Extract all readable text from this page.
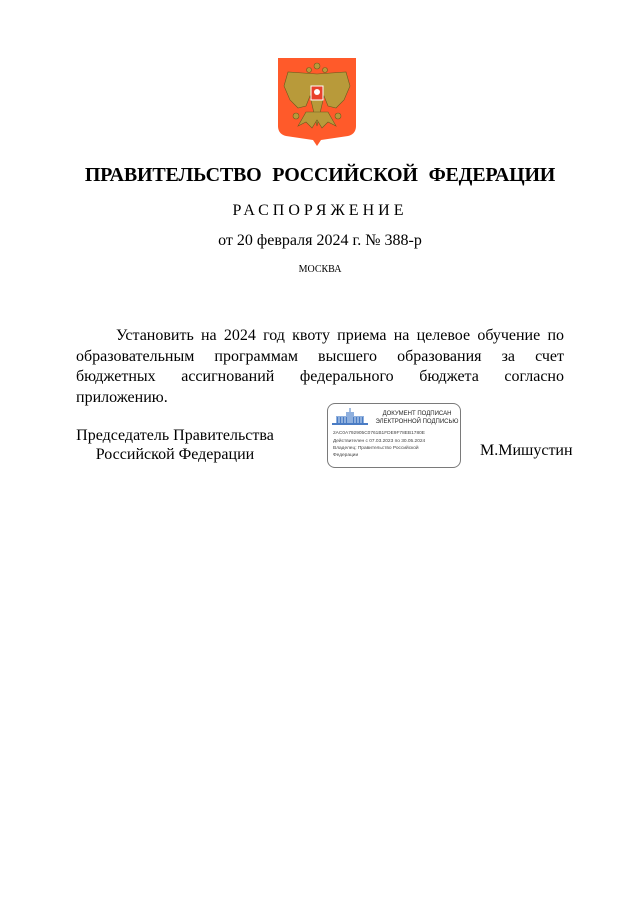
ПРАВИТЕЛЬСТВО РОССИЙСКОЙ ФЕДЕРАЦИИ
РАСПОРЯЖЕНИЕ
от 20 февраля 2024 г. № 388-р
МОСКВА

Установить на 2024 год квоту приема на целевое обучение по образовательным программам высшего образования за счет бюджетных ассигнований федерального бюджета согласно приложению.

Председатель Правительства
Российской Федерации
ДОКУМЕНТ ПОДПИСАН
ЭЛЕКТРОННОЙ ПОДПИСЬЮ
2AC0A792905C0761B1FDE9F78EB1780E
Действителен с 07.03.2023 по 30.05.2024
Владелец: Правительство Российской
Федерации	М.Мишустин
